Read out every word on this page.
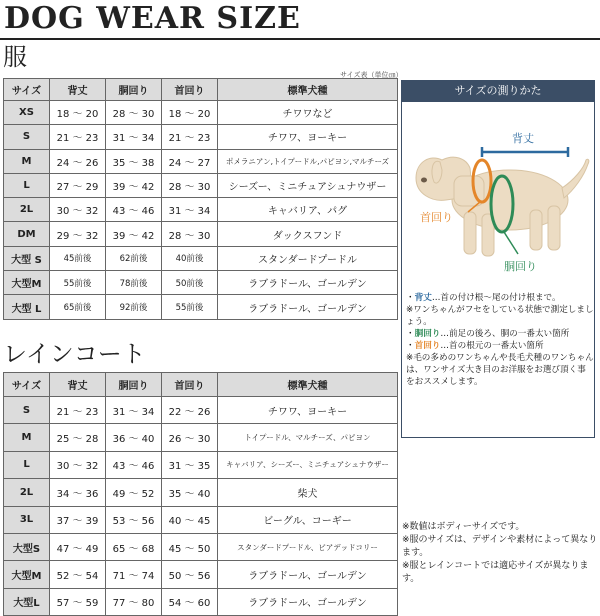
DOG WEAR SIZE
服
サイズ表（単位㎝）
サイズ	背丈	胴回り	首回り	標準犬種
XS	18 ～ 20	28 ～ 30	18 ～ 20	チワワなど
S	21 ～ 23	31 ～ 34	21 ～ 23	チワワ、ヨーキー
M	24 ～ 26	35 ～ 38	24 ～ 27	ポメラニアン,トイプードル,パピヨン,マルチーズ
L	27 ～ 29	39 ～ 42	28 ～ 30	シーズー、ミニチュアシュナウザー
2L	30 ～ 32	43 ～ 46	31 ～ 34	キャバリア、パグ
DM	29 ～ 32	39 ～ 42	28 ～ 30	ダックスフンド
大型 S	45前後	62前後	40前後	スタンダードプードル
大型M	55前後	78前後	50前後	ラブラドール、ゴールデン
大型 L	65前後	92前後	55前後	ラブラドール、ゴールデン
レインコート
サイズ	背丈	胴回り	首回り	標準犬種
S	21 ～ 23	31 ～ 34	22 ～ 26	チワワ、ヨーキー
M	25 ～ 28	36 ～ 40	26 ～ 30	トイプードル、マルチーズ、パピヨン
L	30 ～ 32	43 ～ 46	31 ～ 35	キャバリア、シーズー、ミニチュアシュナウザー
2L	34 ～ 36	49 ～ 52	35 ～ 40	柴犬
3L	37 ～ 39	53 ～ 56	40 ～ 45	ビーグル、コーギー
大型S	47 ～ 49	65 ～ 68	45 ～ 50	スタンダードプードル、ビアデッドコリー
大型M	52 ～ 54	71 ～ 74	50 ～ 56	ラブラドール、ゴールデン
大型L	57 ～ 59	77 ～ 80	54 ～ 60	ラブラドール、ゴールデン
サイズの測りかた
背丈
首回り
胴回り
・背丈…首の付け根～尾の付け根まで。
※ワンちゃんがフセをしている状態で測定しましょう。
・胴回り…前足の後ろ、胴の一番太い箇所
・首回り…首の根元の一番太い箇所
※毛の多めのワンちゃんや長毛犬種のワンちゃんは、ワンサイズ大き目のお洋服をお選び頂く事をおススメします。
※数値はボディーサイズです。
※服のサイズは、デザインや素材によって異なります。
※服とレインコートでは適応サイズが異なります。
